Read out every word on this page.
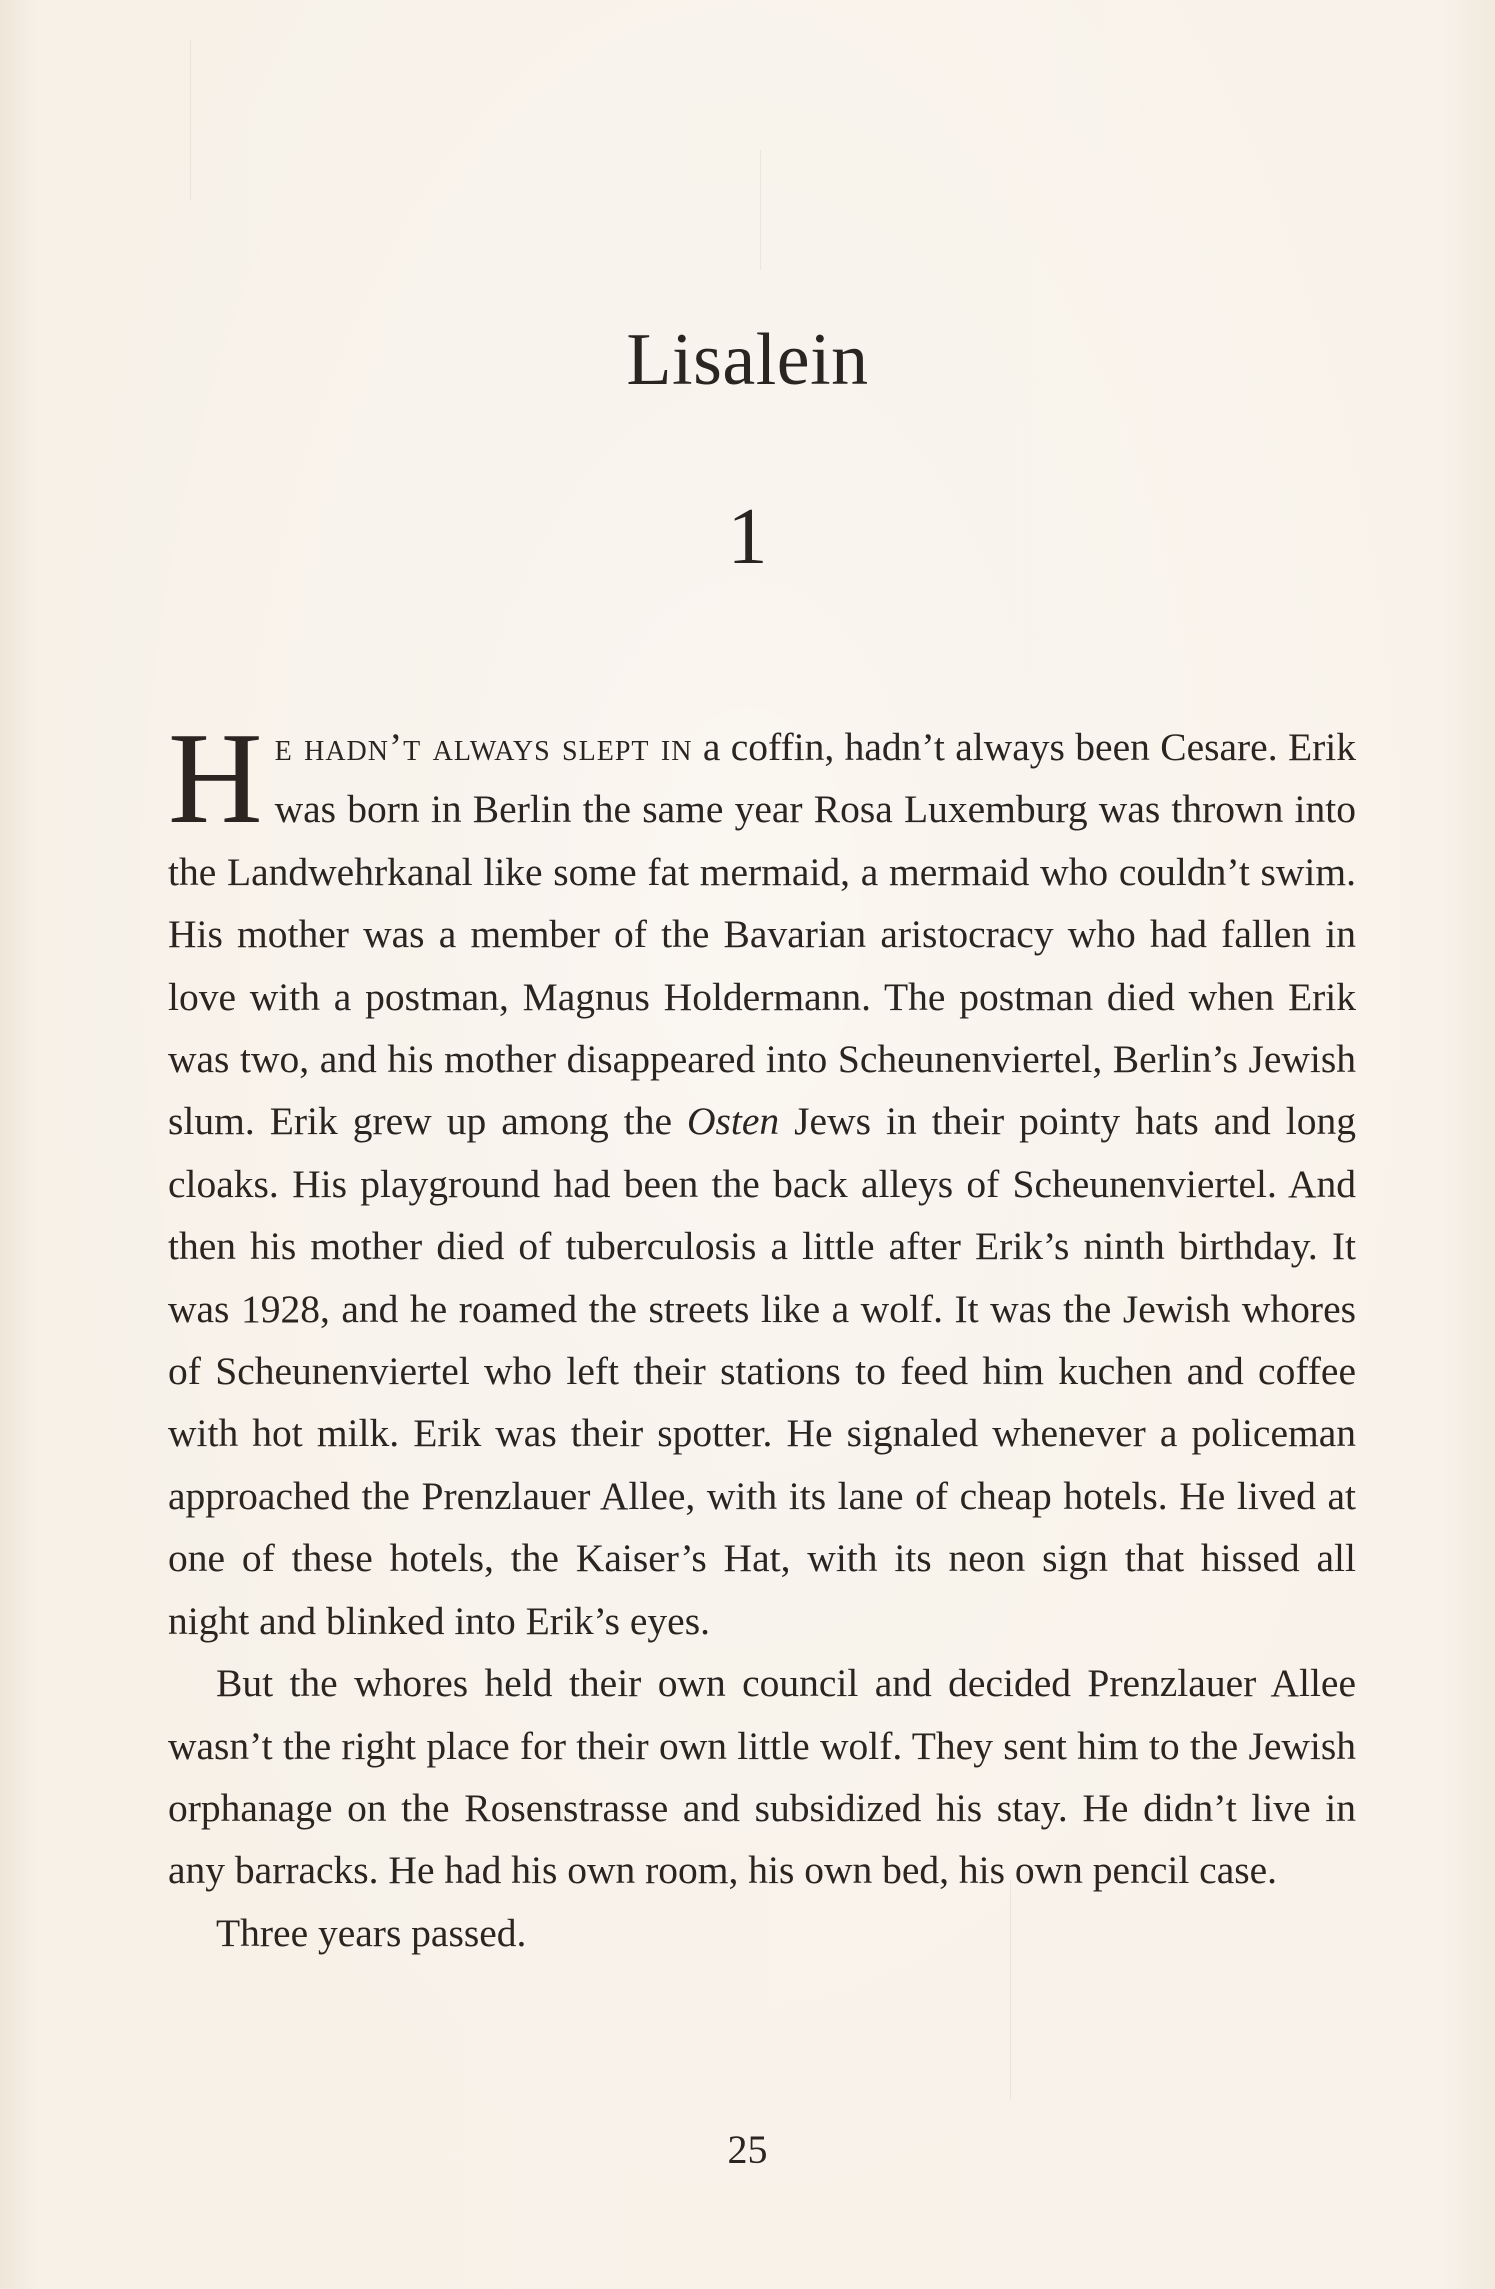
Lisalein
1

He hadn’t always slept in a coffin, hadn’t always been Cesare. Erik was born in Berlin the same year Rosa Luxemburg was thrown into the Landwehrkanal like some fat mermaid, a mermaid who couldn’t swim. His mother was a member of the Bavarian aristocracy who had fallen in love with a postman, Magnus Holdermann. The postman died when Erik was two, and his mother disappeared into Scheunenviertel, Berlin’s Jewish slum. Erik grew up among the Osten Jews in their pointy hats and long cloaks. His playground had been the back alleys of Scheunenviertel. And then his mother died of tuberculosis a little after Erik’s ninth birthday. It was 1928, and he roamed the streets like a wolf. It was the Jewish whores of Scheunenviertel who left their stations to feed him kuchen and coffee with hot milk. Erik was their spotter. He signaled whenever a policeman approached the Prenzlauer Allee, with its lane of cheap hotels. He lived at one of these hotels, the Kaiser’s Hat, with its neon sign that hissed all night and blinked into Erik’s eyes.

But the whores held their own council and decided Prenzlauer Allee wasn’t the right place for their own little wolf. They sent him to the Jewish orphanage on the Rosenstrasse and subsidized his stay. He didn’t live in any barracks. He had his own room, his own bed, his own pencil case.

Three years passed.

25
